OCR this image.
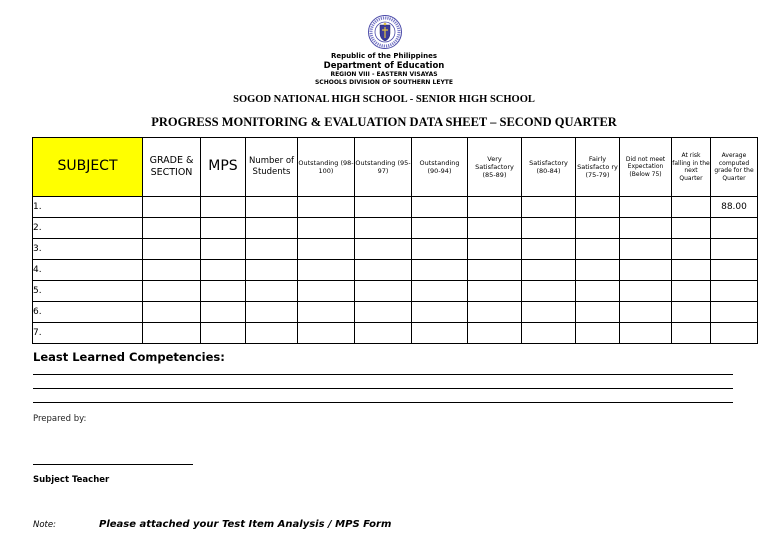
Republic of the Philippines
Department of Education
REGION VIII - EASTERN VISAYAS
SCHOOLS DIVISION OF SOUTHERN LEYTE
SOGOD NATIONAL HIGH SCHOOL - SENIOR HIGH SCHOOL
PROGRESS MONITORING & EVALUATION DATA SHEET – SECOND QUARTER
SUBJECT	GRADE & SECTION	MPS	Number of Students	Outstanding (98-100)	Outstanding (95-97)	Outstanding (90-94)	Very Satisfactory (85-89)	Satisfactory (80-84)	Fairly Satisfacto ry (75-79)	Did not meet Expectation (Below 75)	At risk falling in the next Quarter	Average computed grade for the Quarter
1.												88.00
2.												
3.												
4.												
5.												
6.												
7.												
Least Learned Competencies:
Prepared by:
Subject Teacher
Note:	Please attached your Test Item Analysis / MPS Form
